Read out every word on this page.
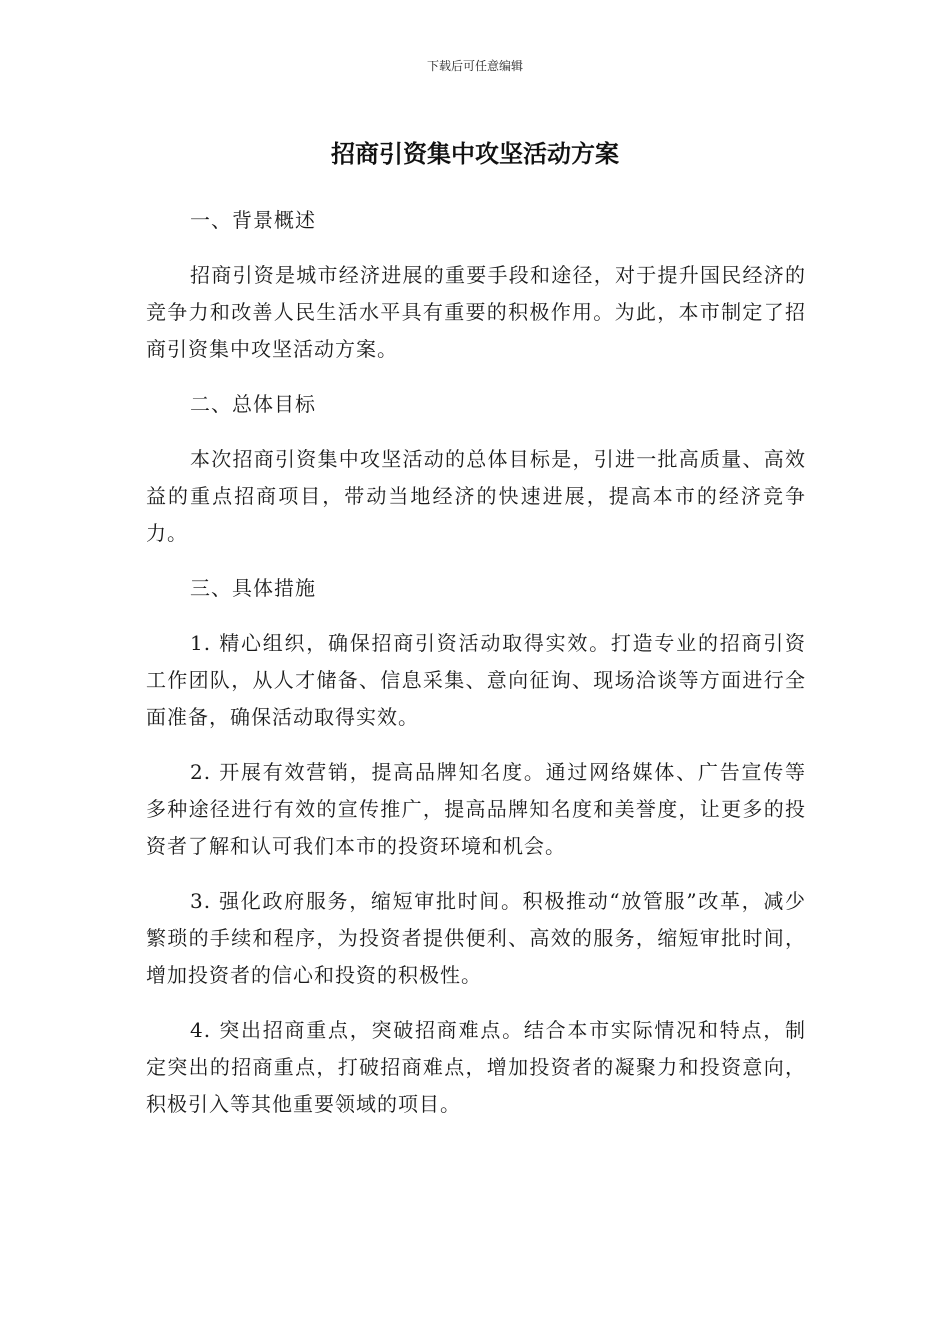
下载后可任意编辑
招商引资集中攻坚活动方案

一、背景概述

招商引资是城市经济进展的重要手段和途径，对于提升国民经济的竞争力和改善人民生活水平具有重要的积极作用。为此，本市制定了招商引资集中攻坚活动方案。

二、总体目标

本次招商引资集中攻坚活动的总体目标是，引进一批高质量、高效益的重点招商项目，带动当地经济的快速进展，提高本市的经济竞争力。

三、具体措施

1. 精心组织，确保招商引资活动取得实效。打造专业的招商引资工作团队，从人才储备、信息采集、意向征询、现场洽谈等方面进行全面准备，确保活动取得实效。

2. 开展有效营销，提高品牌知名度。通过网络媒体、广告宣传等多种途径进行有效的宣传推广，提高品牌知名度和美誉度，让更多的投资者了解和认可我们本市的投资环境和机会。

3. 强化政府服务，缩短审批时间。积极推动“放管服”改革，减少繁琐的手续和程序，为投资者提供便利、高效的服务，缩短审批时间，增加投资者的信心和投资的积极性。

4. 突出招商重点，突破招商难点。结合本市实际情况和特点，制定突出的招商重点，打破招商难点，增加投资者的凝聚力和投资意向，积极引入等其他重要领域的项目。
